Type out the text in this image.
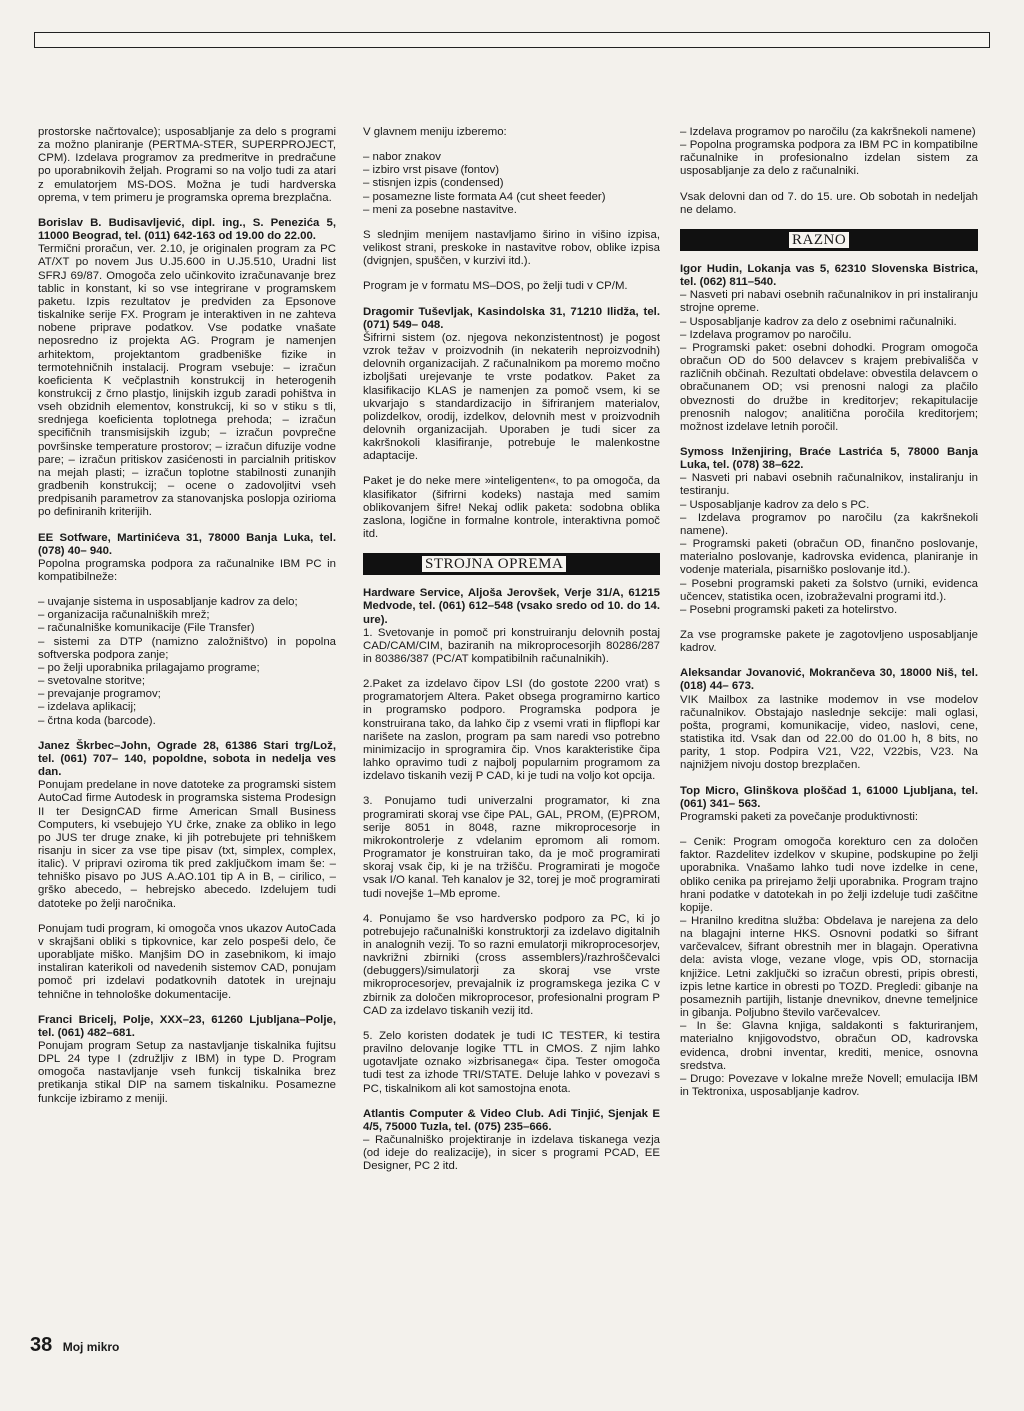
prostorske načrtovalce); usposabljanje za delo s programi za možno planiranje (PERTMA-STER, SUPERPROJECT, CPM). Izdelava programov za predmeritve in predračune po uporabnikovih željah. Programi so na voljo tudi za atari z emulatorjem MS-DOS. Možna je tudi hardverska oprema, v tem primeru je programska oprema brezplačna.

Borislav B. Budisavljević, dipl. ing., S. Penezića 5, 11000 Beograd, tel. (011) 642-163 od 19.00 do 22.00.
Termični proračun, ver. 2.10, je originalen program za PC AT/XT po novem Jus U.J5.600 in U.J5.510, Uradni list SFRJ 69/87. Omogoča zelo učinkovito izračunavanje brez tablic in konstant, ki so vse integrirane v programskem paketu. Izpis rezultatov je predviden za Epsonove tiskalnike serije FX. Program je interaktiven in ne zahteva nobene priprave podatkov. Vse podatke vnašate neposredno iz projekta AG. Program je namenjen arhitektom, projektantom gradbeniške fizike in termotehničnih instalacij. Program vsebuje: – izračun koeficienta K večplastnih konstrukcij in heterogenih konstrukcij z črno plastjo, linijskih izgub zaradi pohištva in vseh obzidnih elementov, konstrukcij, ki so v stiku s tli, srednjega koeficienta toplotnega prehoda; – izračun specifičnih transmisijskih izgub; – izračun povprečne površinske temperature prostorov; – izračun difuzije vodne pare; – izračun pritiskov zasićenosti in parcialnih pritiskov na mejah plasti; – izračun toplotne stabilnosti zunanjih gradbenih konstrukcij; – ocene o zadovoljitvi vseh predpisanih parametrov za stanovanjska poslopja ozirioma po definiranih kriterijih.

EE Sotfware, Martinićeva 31, 78000 Banja Luka, tel. (078) 40– 940.
Popolna programska podpora za računalnike IBM PC in kompatibilneže:

– uvajanje sistema in usposabljanje kadrov za delo;
– organizacija računalniških mrež;
– računalniške komunikacije (File Transfer)
– sistemi za DTP (namizno založništvo) in popolna softverska podpora zanje;
– po želji uporabnika prilagajamo programe;
– svetovalne storitve;
– prevajanje programov;
– izdelava aplikacij;
– črtna koda (barcode).

Janez Škrbec–John, Ograde 28, 61386 Stari trg/Lož, tel. (061) 707– 140, popoldne, sobota in nedelja ves dan.
Ponujam predelane in nove datoteke za programski sistem AutoCad firme Autodesk in programska sistema Prodesign II ter DesignCAD firme American Small Business Computers, ki vsebujejo YU črke, znake za obliko in lego po JUS ter druge znake, ki jih potrebujete pri tehniškem risanju in sicer za vse tipe pisav (txt, simplex, complex, italic). V pripravi oziroma tik pred zaključkom imam še: – tehniško pisavo po JUS A.AO.101 tip A in B, – cirilico, – grško abecedo, – hebrejsko abecedo. Izdelujem tudi datoteke po želji naročnika.

Ponujam tudi program, ki omogoča vnos ukazov AutoCada v skrajšani obliki s tipkovnice, kar zelo pospeši delo, če uporabljate miško. Manjšim DO in zasebnikom, ki imajo instaliran katerikoli od navedenih sistemov CAD, ponujam pomoč pri izdelavi podatkovnih datotek in urejnaju tehnične in tehnološke dokumentacije.

Franci Bricelj, Polje, XXX–23, 61260 Ljubljana–Polje, tel. (061) 482–681.
Ponujam program Setup za nastavljanje tiskalnika fujitsu DPL 24 type I (združljiv z IBM) in type D. Program omogoča nastavljanje vseh funkcij tiskalnika brez pretikanja stikal DIP na samem tiskalniku. Posamezne funkcije izbiramo z meniji.

V glavnem meniju izberemo:

– nabor znakov
– izbiro vrst pisave (fontov)
– stisnjen izpis (condensed)
– posamezne liste formata A4 (cut sheet feeder)
– meni za posebne nastavitve.

S slednjim menijem nastavljamo širino in višino izpisa, velikost strani, preskoke in nastavitve robov, oblike izpisa (dvignjen, spuščen, v kurzivi itd.).

Program je v formatu MS–DOS, po želji tudi v CP/M.

Dragomir Tuševljak, Kasindolska 31, 71210 Ilidža, tel. (071) 549– 048.
Šifrirni sistem (oz. njegova nekonzistentnost) je pogost vzrok težav v proizvodnih (in nekaterih neproizvodnih) delovnih organizacijah. Z računalnikom pa moremo močno izboljšati urejevanje te vrste podatkov. Paket za klasifikacijo KLAS je namenjen za pomoč vsem, ki se ukvarjajo s standardizacijo in šifriranjem materialov, polizdelkov, orodij, izdelkov, delovnih mest v proizvodnih delovnih organizacijah. Uporaben je tudi sicer za kakršnokoli klasifiranje, potrebuje le malenkostne adaptacije.

Paket je do neke mere »inteligenten«, to pa omogoča, da klasifikator (šifrirni kodeks) nastaja med samim oblikovanjem šifre! Nekaj odlik paketa: sodobna oblika zaslona, logične in formalne kontrole, interaktivna pomoč itd.

STROJNA OPREMA

Hardware Service, Aljoša Jerovšek, Verje 31/A, 61215 Medvode, tel. (061) 612–548 (vsako sredo od 10. do 14. ure).
1. Svetovanje in pomoč pri konstruiranju delovnih postaj CAD/CAM/CIM, baziranih na mikroprocesorjih 80286/287 in 80386/387 (PC/AT kompatibilnih računalnikih).

2.Paket za izdelavo čipov LSI (do gostote 2200 vrat) s programatorjem Altera. Paket obsega programirno kartico in programsko podporo. Programska podpora je konstruirana tako, da lahko čip z vsemi vrati in flipflopi kar narišete na zaslon, program pa sam naredi vso potrebno minimizacijo in sprogramira čip. Vnos karakteristike čipa lahko opravimo tudi z najbolj popularnim programom za izdelavo tiskanih vezij P CAD, ki je tudi na voljo kot opcija.

3. Ponujamo tudi univerzalni programator, ki zna programirati skoraj vse čipe PAL, GAL, PROM, (E)PROM, serije 8051 in 8048, razne mikroprocesorje in mikrokontrolerje z vdelanim epromom ali romom. Programator je konstruiran tako, da je moč programirati skoraj vsak čip, ki je na tržišču. Programirati je mogoče vsak I/O kanal. Teh kanalov je 32, torej je moč programirati tudi novejše 1–Mb epromе.

4. Ponujamo še vso hardversko podporo za PC, ki jo potrebujejo računalniški konstruktorji za izdelavo digitalnih in analognih vezij. To so razni emulatorji mikroprocesorjev, navkrižni zbirniki (cross assemblers)/razhroščevalci (debuggers)/simulatorji za skoraj vse vrste mikroprocesorjev, prevajalnik iz programskega jezika C v zbirnik za določen mikroprocesor, profesionalni program P CAD za izdelavo tiskanih vezij itd.

5. Zelo koristen dodatek je tudi IC TESTER, ki testira pravilno delovanje logike TTL in CMOS. Z njim lahko ugotavljate oznako »izbrisanega« čipa. Tester omogoča tudi test za izhode TRI/STATE. Deluje lahko v povezavi s PC, tiskalnikom ali kot samostojna enota.

Atlantis Computer & Video Club. Adi Tinjić, Sjenjak E 4/5, 75000 Tuzla, tel. (075) 235–666.
– Računalniško projektiranje in izdelava tiskanega vezja (od ideje do realizacije), in sicer s programi PCAD, EE Designer, PC 2 itd.

– Izdelava programov po naročilu (za kakršnekoli namene)
– Popolna programska podpora za IBM PC in kompatibilne računalnike in profesionalno izdelan sistem za usposabljanje za delo z računalniki.

Vsak delovni dan od 7. do 15. ure. Ob sobotah in nedeljah ne delamo.

RAZNO

Igor Hudin, Lokanja vas 5, 62310 Slovenska Bistrica, tel. (062) 811–540.
– Nasveti pri nabavi osebnih računalnikov in pri instaliranju strojne opreme.
– Usposabljanje kadrov za delo z osebnimi računalniki.
– Izdelava programov po naročilu.
– Programski paket: osebni dohodki. Program omogoča obračun OD do 500 delavcev s krajem prebivališča v različnih občinah. Rezultati obdelave: obvestila delavcem o obračunanem OD; vsi prenosni nalogi za plačilo obveznosti do družbe in kreditorjev; rekapitulacije prenosnih nalogov; analitična poročila kreditorjem; možnost izdelave letnih poročil.

Symoss Inženjiring, Braće Lastrića 5, 78000 Banja Luka, tel. (078) 38–622.
– Nasveti pri nabavi osebnih računalnikov, instaliranju in testiranju.
– Usposabljanje kadrov za delo s PC.
– Izdelava programov po naročilu (za kakršnekoli namene).
– Programski paketi (obračun OD, finančno poslovanje, materialno poslovanje, kadrovska evidenca, planiranje in vodenje materiala, pisarniško poslovanje itd.).
– Posebni programski paketi za šolstvo (urniki, evidenca učencev, statistika ocen, izobraževalni programi itd.).
– Posebni programski paketi za hotelirstvo.

Za vse programske pakete je zagotovljeno usposabljanje kadrov.

Aleksandar Jovanović, Mokrančeva 30, 18000 Niš, tel. (018) 44– 673.
VIK Mailbox za lastnike modemov in vse modelov računalnikov. Obstajajo naslednje sekcije: mali oglasi, pošta, programi, komunikacije, video, naslovi, cene, statistika itd. Vsak dan od 22.00 do 01.00 h, 8 bits, no parity, 1 stop. Podpira V21, V22, V22bis, V23. Na najnižjem nivoju dostop brezplačen.

Top Micro, Glinškova ploščad 1, 61000 Ljubljana, tel. (061) 341– 563.
Programski paketi za povečanje produktivnosti:

– Cenik: Program omogoča korekturo cen za določen faktor. Razdelitev izdelkov v skupine, podskupine po želji uporabnika. Vnašamo lahko tudi nove izdelke in cene, obliko cenika pa prirejamo želji uporabnika. Program trajno hrani podatke v datotekah in po želji izdeluje tudi zaščitne kopije.
– Hranilno kreditna služba: Obdelava je narejena za delo na blagajni interne HKS. Osnovni podatki so šifrant varčevalcev, šifrant obrestnih mer in blagajn. Operativna dela: avista vloge, vezane vloge, vpis OD, stornacija knjižice. Letni zaključki so izračun obresti, pripis obresti, izpis letne kartice in obresti po TOZD. Pregledi: gibanje na posameznih partijih, listanje dnevnikov, dnevne temeljnice in gibanja. Poljubno število varčevalcev.
– In še: Glavna knjiga, saldakonti s fakturiranjem, materialno knjigovodstvo, obračun OD, kadrovska evidenca, drobni inventar, krediti, menice, osnovna sredstva.
– Drugo: Povezave v lokalne mreže Novell; emulacija IBM in Tektronixa, usposabljanje kadrov.

38 Moj mikro
